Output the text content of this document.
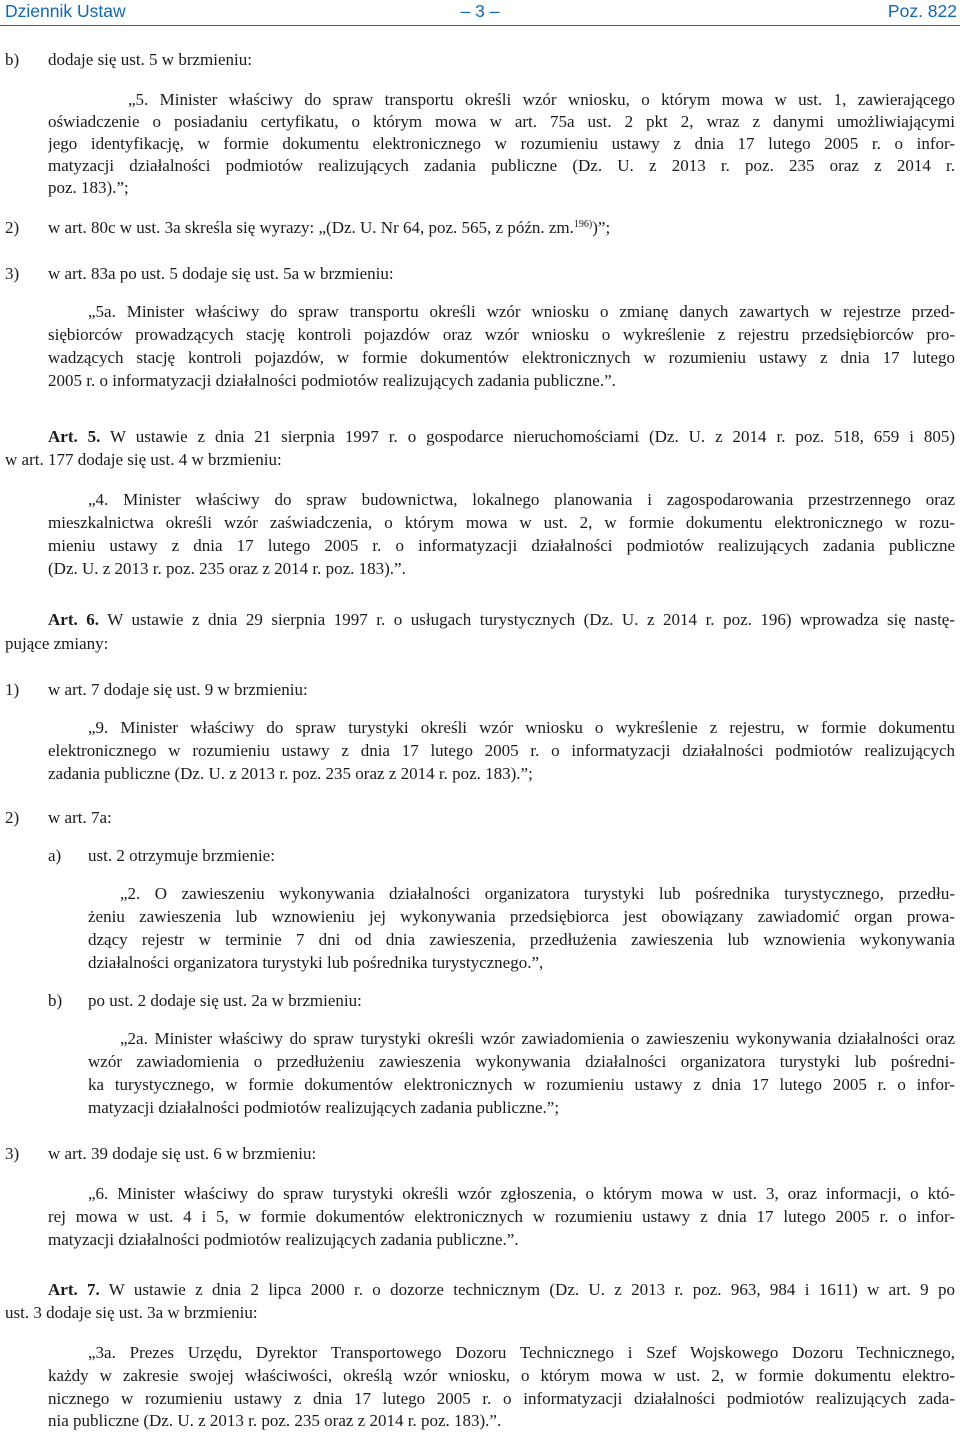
Dziennik Ustaw	– 3 –	Poz. 822
b) dodaje się ust. 5 w brzmieniu:
„5. Minister właściwy do spraw transportu określi wzór wniosku, o którym mowa w ust. 1, zawierającego
oświadczenie o posiadaniu certyfikatu, o którym mowa w art. 75a ust. 2 pkt 2, wraz z danymi umożliwiającymi
jego identyfikację, w formie dokumentu elektronicznego w rozumieniu ustawy z dnia 17 lutego 2005 r. o infor-
matyzacji działalności podmiotów realizujących zadania publiczne (Dz. U. z 2013 r. poz. 235 oraz z 2014 r.
poz. 183).”;
2) w art. 80c w ust. 3a skreśla się wyrazy: „(Dz. U. Nr 64, poz. 565, z późn. zm.$^{196)}$)”;
3) w art. 83a po ust. 5 dodaje się ust. 5a w brzmieniu:
„5a. Minister właściwy do spraw transportu określi wzór wniosku o zmianę danych zawartych w rejestrze przed-
siębiorców prowadzących stację kontroli pojazdów oraz wzór wniosku o wykreślenie z rejestru przedsiębiorców pro-
wadzących stację kontroli pojazdów, w formie dokumentów elektronicznych w rozumieniu ustawy z dnia 17 lutego
2005 r. o informatyzacji działalności podmiotów realizujących zadania publiczne.”.
Art. 5. W ustawie z dnia 21 sierpnia 1997 r. o gospodarce nieruchomościami (Dz. U. z 2014 r. poz. 518, 659 i 805)
w art. 177 dodaje się ust. 4 w brzmieniu:
„4. Minister właściwy do spraw budownictwa, lokalnego planowania i zagospodarowania przestrzennego oraz
mieszkalnictwa określi wzór zaświadczenia, o którym mowa w ust. 2, w formie dokumentu elektronicznego w rozu-
mieniu ustawy z dnia 17 lutego 2005 r. o informatyzacji działalności podmiotów realizujących zadania publiczne
(Dz. U. z 2013 r. poz. 235 oraz z 2014 r. poz. 183).”.
Art. 6. W ustawie z dnia 29 sierpnia 1997 r. o usługach turystycznych (Dz. U. z 2014 r. poz. 196) wprowadza się nastę-
pujące zmiany:
1) w art. 7 dodaje się ust. 9 w brzmieniu:
„9. Minister właściwy do spraw turystyki określi wzór wniosku o wykreślenie z rejestru, w formie dokumentu
elektronicznego w rozumieniu ustawy z dnia 17 lutego 2005 r. o informatyzacji działalności podmiotów realizujących
zadania publiczne (Dz. U. z 2013 r. poz. 235 oraz z 2014 r. poz. 183).”;
2) w art. 7a:
a) ust. 2 otrzymuje brzmienie:
„2. O zawieszeniu wykonywania działalności organizatora turystyki lub pośrednika turystycznego, przedłu-
żeniu zawieszenia lub wznowieniu jej wykonywania przedsiębiorca jest obowiązany zawiadomić organ prowa-
dzący rejestr w terminie 7 dni od dnia zawieszenia, przedłużenia zawieszenia lub wznowienia wykonywania
działalności organizatora turystyki lub pośrednika turystycznego.”,
b) po ust. 2 dodaje się ust. 2a w brzmieniu:
„2a. Minister właściwy do spraw turystyki określi wzór zawiadomienia o zawieszeniu wykonywania działalności oraz
wzór zawiadomienia o przedłużeniu zawieszenia wykonywania działalności organizatora turystyki lub pośredni-
ka turystycznego, w formie dokumentów elektronicznych w rozumieniu ustawy z dnia 17 lutego 2005 r. o infor-
matyzacji działalności podmiotów realizujących zadania publiczne.”;
3) w art. 39 dodaje się ust. 6 w brzmieniu:
„6. Minister właściwy do spraw turystyki określi wzór zgłoszenia, o którym mowa w ust. 3, oraz informacji, o któ-
rej mowa w ust. 4 i 5, w formie dokumentów elektronicznych w rozumieniu ustawy z dnia 17 lutego 2005 r. o infor-
matyzacji działalności podmiotów realizujących zadania publiczne.”.
Art. 7. W ustawie z dnia 2 lipca 2000 r. o dozorze technicznym (Dz. U. z 2013 r. poz. 963, 984 i 1611) w art. 9 po
ust. 3 dodaje się ust. 3a w brzmieniu:
„3a. Prezes Urzędu, Dyrektor Transportowego Dozoru Technicznego i Szef Wojskowego Dozoru Technicznego,
każdy w zakresie swojej właściwości, określą wzór wniosku, o którym mowa w ust. 2, w formie dokumentu elektro-
nicznego w rozumieniu ustawy z dnia 17 lutego 2005 r. o informatyzacji działalności podmiotów realizujących zada-
nia publiczne (Dz. U. z 2013 r. poz. 235 oraz z 2014 r. poz. 183).”.
